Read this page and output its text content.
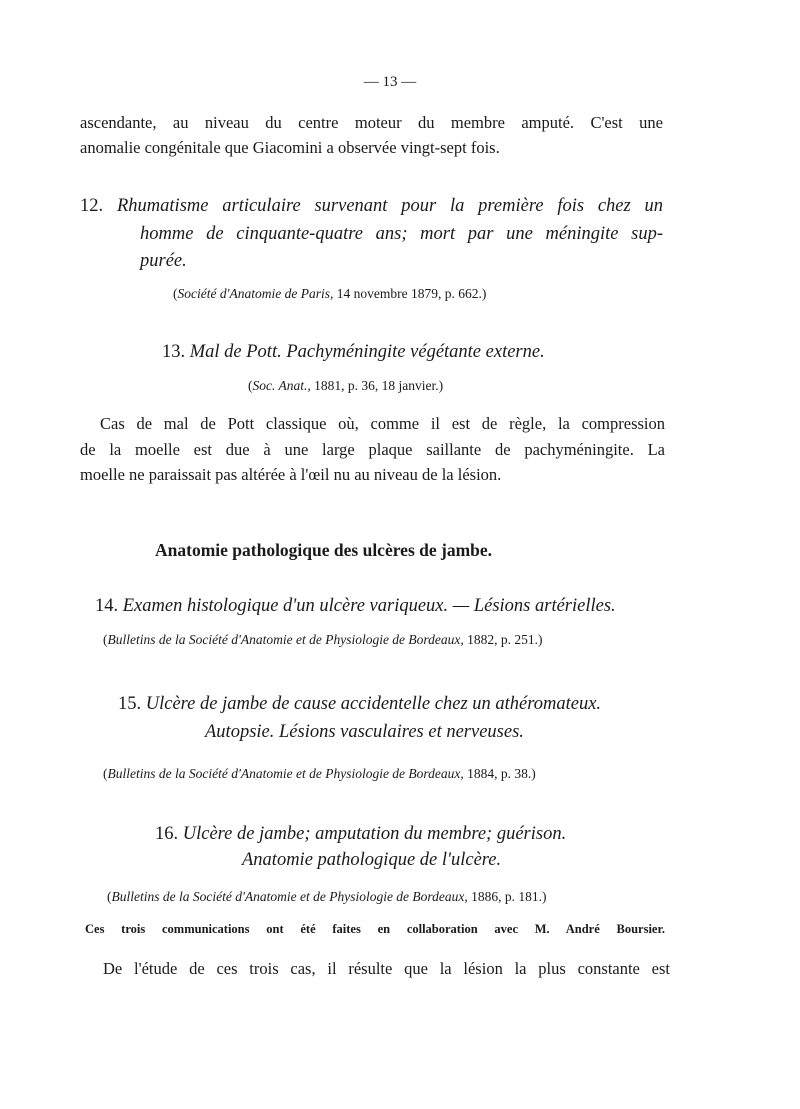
— 13 —
ascendante, au niveau du centre moteur du membre amputé. C'est une
anomalie congénitale que Giacomini a observée vingt-sept fois.
12. Rhumatisme articulaire survenant pour la première fois chez un
homme de cinquante-quatre ans; mort par une méningite sup-
purée.
(Société d'Anatomie de Paris, 14 novembre 1879, p. 662.)
13. Mal de Pott. Pachyméningite végétante externe.
(Soc. Anat., 1881, p. 36, 18 janvier.)
Cas de mal de Pott classique où, comme il est de règle, la compression
de la moelle est due à une large plaque saillante de pachyméningite. La
moelle ne paraissait pas altérée à l'œil nu au niveau de la lésion.
Anatomie pathologique des ulcères de jambe.
14. Examen histologique d'un ulcère variqueux. — Lésions artérielles.
(Bulletins de la Société d'Anatomie et de Physiologie de Bordeaux, 1882, p. 251.)
15. Ulcère de jambe de cause accidentelle chez un athéromateux.
Autopsie. Lésions vasculaires et nerveuses.
(Bulletins de la Société d'Anatomie et de Physiologie de Bordeaux, 1884, p. 38.)
16. Ulcère de jambe; amputation du membre; guérison.
Anatomie pathologique de l'ulcère.
(Bulletins de la Société d'Anatomie et de Physiologie de Bordeaux, 1886, p. 181.)
Ces trois communications ont été faites en collaboration avec M. André Boursier.
De l'étude de ces trois cas, il résulte que la lésion la plus constante est
